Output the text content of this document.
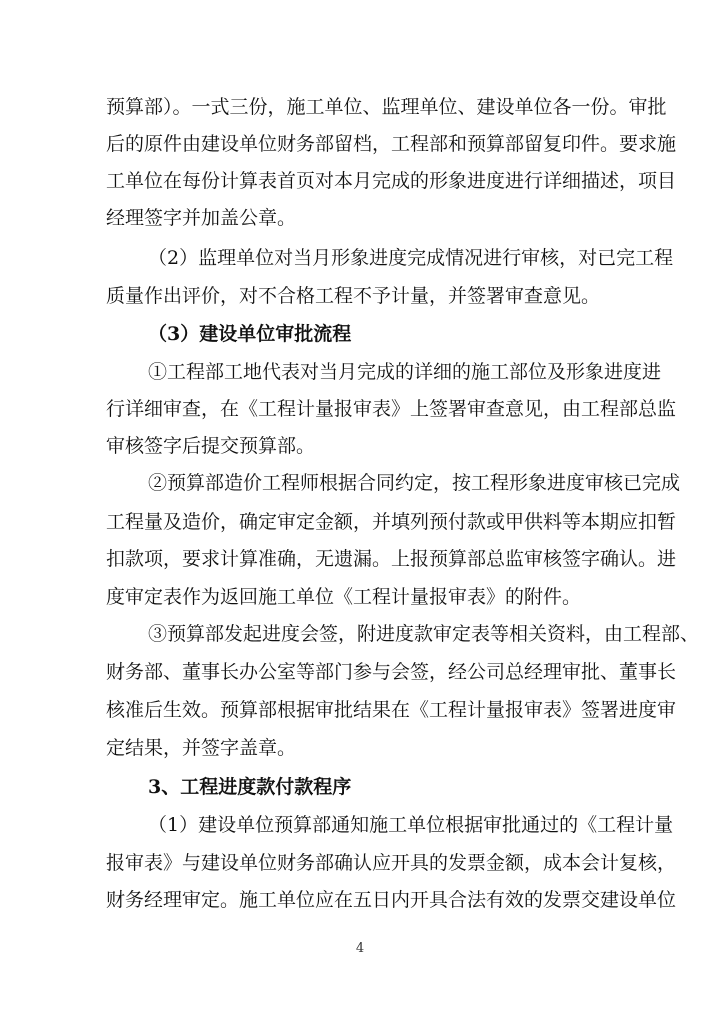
预算部）。一式三份，施工单位、监理单位、建设单位各一份。审批
后的原件由建设单位财务部留档，工程部和预算部留复印件。要求施
工单位在每份计算表首页对本月完成的形象进度进行详细描述，项目
经理签字并加盖公章。
（2）监理单位对当月形象进度完成情况进行审核，对已完工程
质量作出评价，对不合格工程不予计量，并签署审查意见。
（3）建设单位审批流程
①工程部工地代表对当月完成的详细的施工部位及形象进度进
行详细审查，在《工程计量报审表》上签署审查意见，由工程部总监
审核签字后提交预算部。
②预算部造价工程师根据合同约定，按工程形象进度审核已完成
工程量及造价，确定审定金额，并填列预付款或甲供料等本期应扣暂
扣款项，要求计算准确，无遗漏。上报预算部总监审核签字确认。进
度审定表作为返回施工单位《工程计量报审表》的附件。
③预算部发起进度会签，附进度款审定表等相关资料，由工程部、
财务部、董事长办公室等部门参与会签，经公司总经理审批、董事长
核准后生效。预算部根据审批结果在《工程计量报审表》签署进度审
定结果，并签字盖章。
3、工程进度款付款程序
（1）建设单位预算部通知施工单位根据审批通过的《工程计量
报审表》与建设单位财务部确认应开具的发票金额，成本会计复核，
财务经理审定。施工单位应在五日内开具合法有效的发票交建设单位
4
